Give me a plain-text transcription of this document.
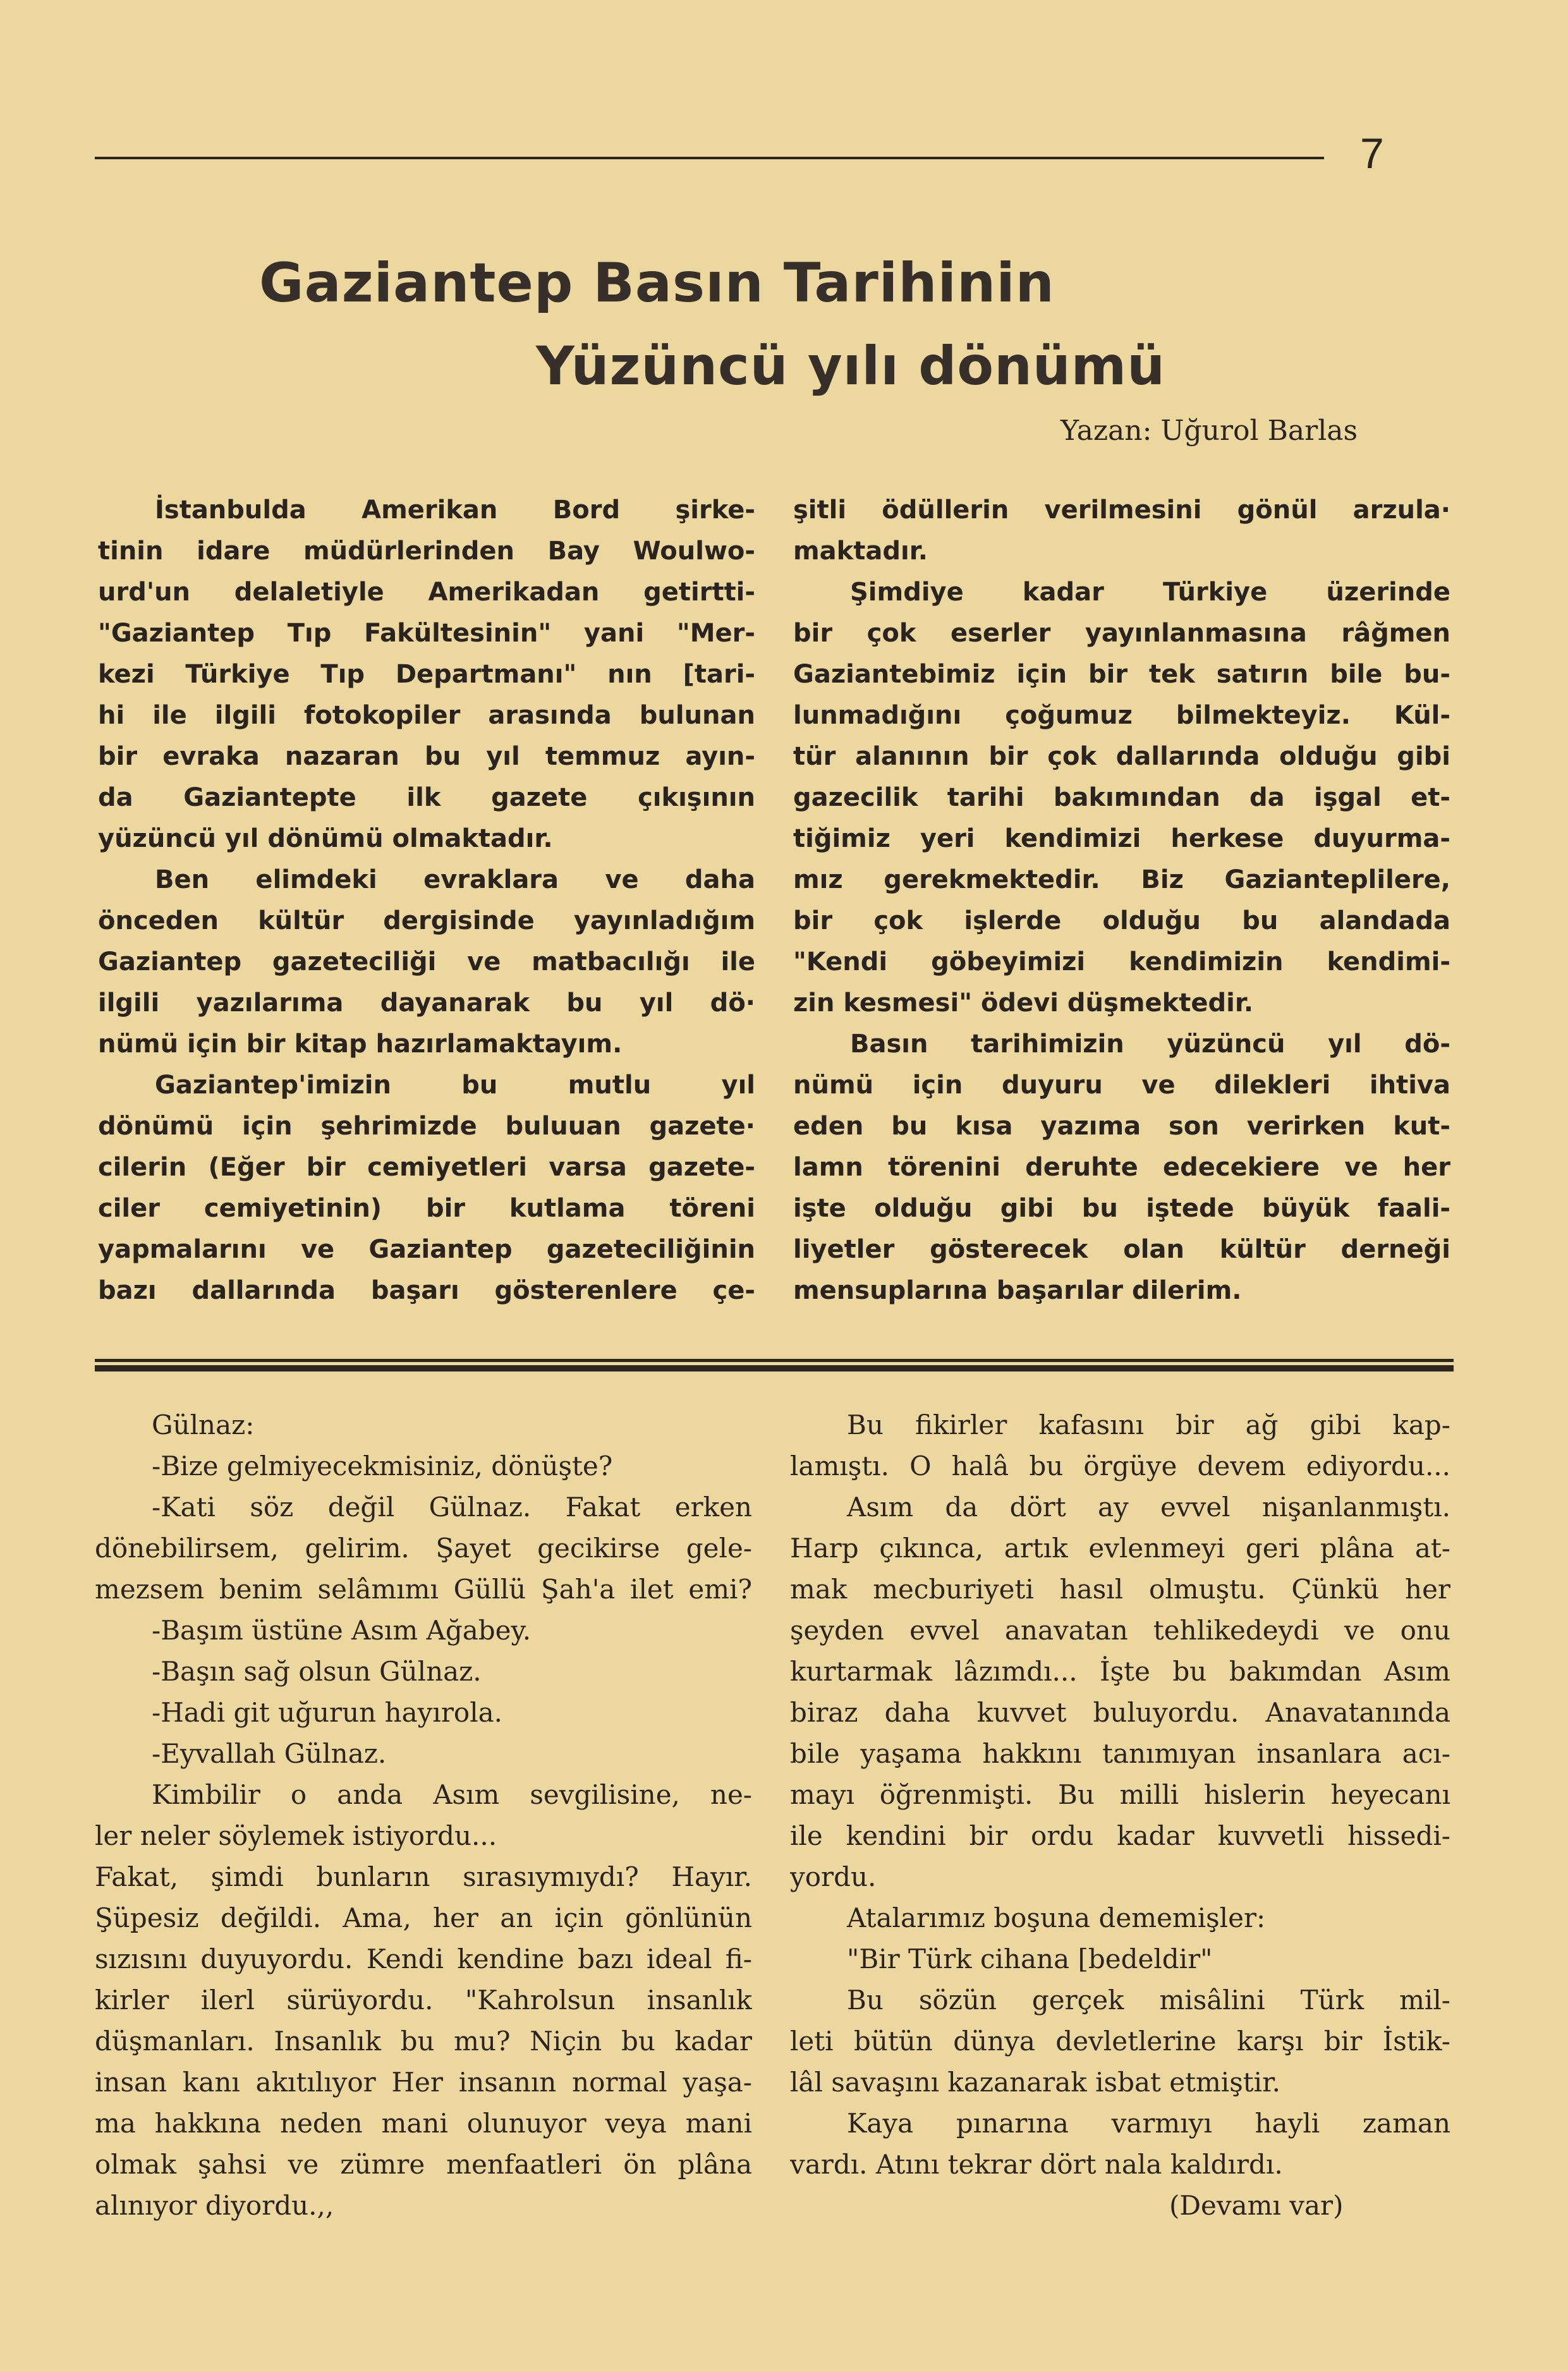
7
Gaziantep Basın Tarihinin
Yüzüncü yılı dönümü
Yazan: Uğurol Barlas
İstanbulda Amerikan Bord şirke-
tinin idare müdürlerinden Bay Woulwo-
urd'un delaletiyle Amerikadan getirtti-
"Gaziantep Tıp Fakültesinin" yani "Mer-
kezi Türkiye Tıp Departmanı" nın [tari-
hi ile ilgili fotokopiler arasında bulunan
bir evraka nazaran bu yıl temmuz ayın-
da Gaziantepte ilk gazete çıkışının
yüzüncü yıl dönümü olmaktadır.
Ben elimdeki evraklara ve daha
önceden kültür dergisinde yayınladığım
Gaziantep gazeteciliği ve matbacılığı ile
ilgili yazılarıma dayanarak bu yıl dö·
nümü için bir kitap hazırlamaktayım.
Gaziantep'imizin bu mutlu yıl
dönümü için şehrimizde buluuan gazete·
cilerin (Eğer bir cemiyetleri varsa gazete-
ciler cemiyetinin) bir kutlama töreni
yapmalarını ve Gaziantep gazeteciliğinin
bazı dallarında başarı gösterenlere çe-
şitli ödüllerin verilmesini gönül arzula·
maktadır.
Şimdiye kadar Türkiye üzerinde
bir çok eserler yayınlanmasına râğmen
Gaziantebimiz için bir tek satırın bile bu-
lunmadığını çoğumuz bilmekteyiz. Kül-
tür alanının bir çok dallarında olduğu gibi
gazecilik tarihi bakımından da işgal et-
tiğimiz yeri kendimizi herkese duyurma-
mız gerekmektedir. Biz Gazianteplilere,
bir çok işlerde olduğu bu alandada
"Kendi göbeyimizi kendimizin kendimi-
zin kesmesi" ödevi düşmektedir.
Basın tarihimizin yüzüncü yıl dö-
nümü için duyuru ve dilekleri ihtiva
eden bu kısa yazıma son verirken kut-
lamn törenini deruhte edecekiere ve her
işte olduğu gibi bu iştede büyük faali-
liyetler gösterecek olan kültür derneği
mensuplarına başarılar dilerim.
Gülnaz:
-Bize gelmiyecekmisiniz, dönüşte?
-Kati söz değil Gülnaz. Fakat erken
dönebilirsem, gelirim. Şayet gecikirse gele-
mezsem benim selâmımı Güllü Şah'a ilet emi?
-Başım üstüne Asım Ağabey.
-Başın sağ olsun Gülnaz.
-Hadi git uğurun hayırola.
-Eyvallah Gülnaz.
Kimbilir o anda Asım sevgilisine, ne-
ler neler söylemek istiyordu...
Fakat, şimdi bunların sırasıymıydı? Hayır.
Şüpesiz değildi. Ama, her an için gönlünün
sızısını duyuyordu. Kendi kendine bazı ideal fi-
kirler ilerl sürüyordu. "Kahrolsun insanlık
düşmanları. Insanlık bu mu? Niçin bu kadar
insan kanı akıtılıyor Her insanın normal yaşa-
ma hakkına neden mani olunuyor veya mani
olmak şahsi ve zümre menfaatleri ön plâna
alınıyor diyordu.,,
Bu fikirler kafasını bir ağ gibi kap-
lamıştı. O halâ bu örgüye devem ediyordu...
Asım da dört ay evvel nişanlanmıştı.
Harp çıkınca, artık evlenmeyi geri plâna at-
mak mecburiyeti hasıl olmuştu. Çünkü her
şeyden evvel anavatan tehlikedeydi ve onu
kurtarmak lâzımdı... İşte bu bakımdan Asım
biraz daha kuvvet buluyordu. Anavatanında
bile yaşama hakkını tanımıyan insanlara acı-
mayı öğrenmişti. Bu milli hislerin heyecanı
ile kendini bir ordu kadar kuvvetli hissedi-
yordu.
Atalarımız boşuna dememişler:
"Bir Türk cihana [bedeldir"
Bu sözün gerçek misâlini Türk mil-
leti bütün dünya devletlerine karşı bir İstik-
lâl savaşını kazanarak isbat etmiştir.
Kaya pınarına varmıyı hayli zaman
vardı. Atını tekrar dört nala kaldırdı.
(Devamı var)
